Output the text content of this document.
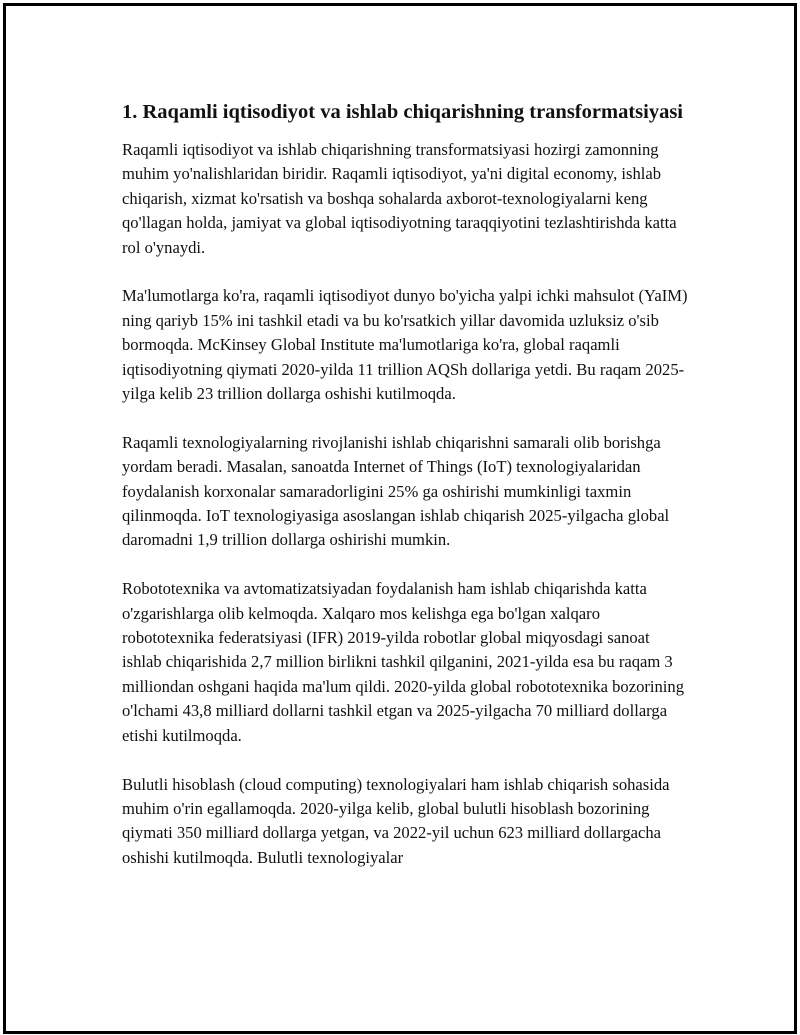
1. Raqamli iqtisodiyot va ishlab chiqarishning transformatsiyasi

Raqamli iqtisodiyot va ishlab chiqarishning transformatsiyasi hozirgi zamonning muhim yo'nalishlaridan biridir. Raqamli iqtisodiyot, ya'ni digital economy, ishlab chiqarish, xizmat ko'rsatish va boshqa sohalarda axborot-texnologiyalarni keng qo'llagan holda, jamiyat va global iqtisodiyotning taraqqiyotini tezlashtirishda katta rol o'ynaydi.

Ma'lumotlarga ko'ra, raqamli iqtisodiyot dunyo bo'yicha yalpi ichki mahsulot (YaIM) ning qariyb 15% ini tashkil etadi va bu ko'rsatkich yillar davomida uzluksiz o'sib bormoqda. McKinsey Global Institute ma'lumotlariga ko'ra, global raqamli iqtisodiyotning qiymati 2020-yilda 11 trillion AQSh dollariga yetdi. Bu raqam 2025-yilga kelib 23 trillion dollarga oshishi kutilmoqda.

Raqamli texnologiyalarning rivojlanishi ishlab chiqarishni samarali olib borishga yordam beradi. Masalan, sanoatda Internet of Things (IoT) texnologiyalaridan foydalanish korxonalar samaradorligini 25% ga oshirishi mumkinligi taxmin qilinmoqda. IoT texnologiyasiga asoslangan ishlab chiqarish 2025-yilgacha global daromadni 1,9 trillion dollarga oshirishi mumkin.

Robototexnika va avtomatizatsiyadan foydalanish ham ishlab chiqarishda katta o'zgarishlarga olib kelmoqda. Xalqaro mos kelishga ega bo'lgan xalqaro robototexnika federatsiyasi (IFR) 2019-yilda robotlar global miqyosdagi sanoat ishlab chiqarishida 2,7 million birlikni tashkil qilganini, 2021-yilda esa bu raqam 3 milliondan oshgani haqida ma'lum qildi. 2020-yilda global robototexnika bozorining o'lchami 43,8 milliard dollarni tashkil etgan va 2025-yilgacha 70 milliard dollarga etishi kutilmoqda.

Bulutli hisoblash (cloud computing) texnologiyalari ham ishlab chiqarish sohasida muhim o'rin egallamoqda. 2020-yilga kelib, global bulutli hisoblash bozorining qiymati 350 milliard dollarga yetgan, va 2022-yil uchun 623 milliard dollargacha oshishi kutilmoqda. Bulutli texnologiyalar
